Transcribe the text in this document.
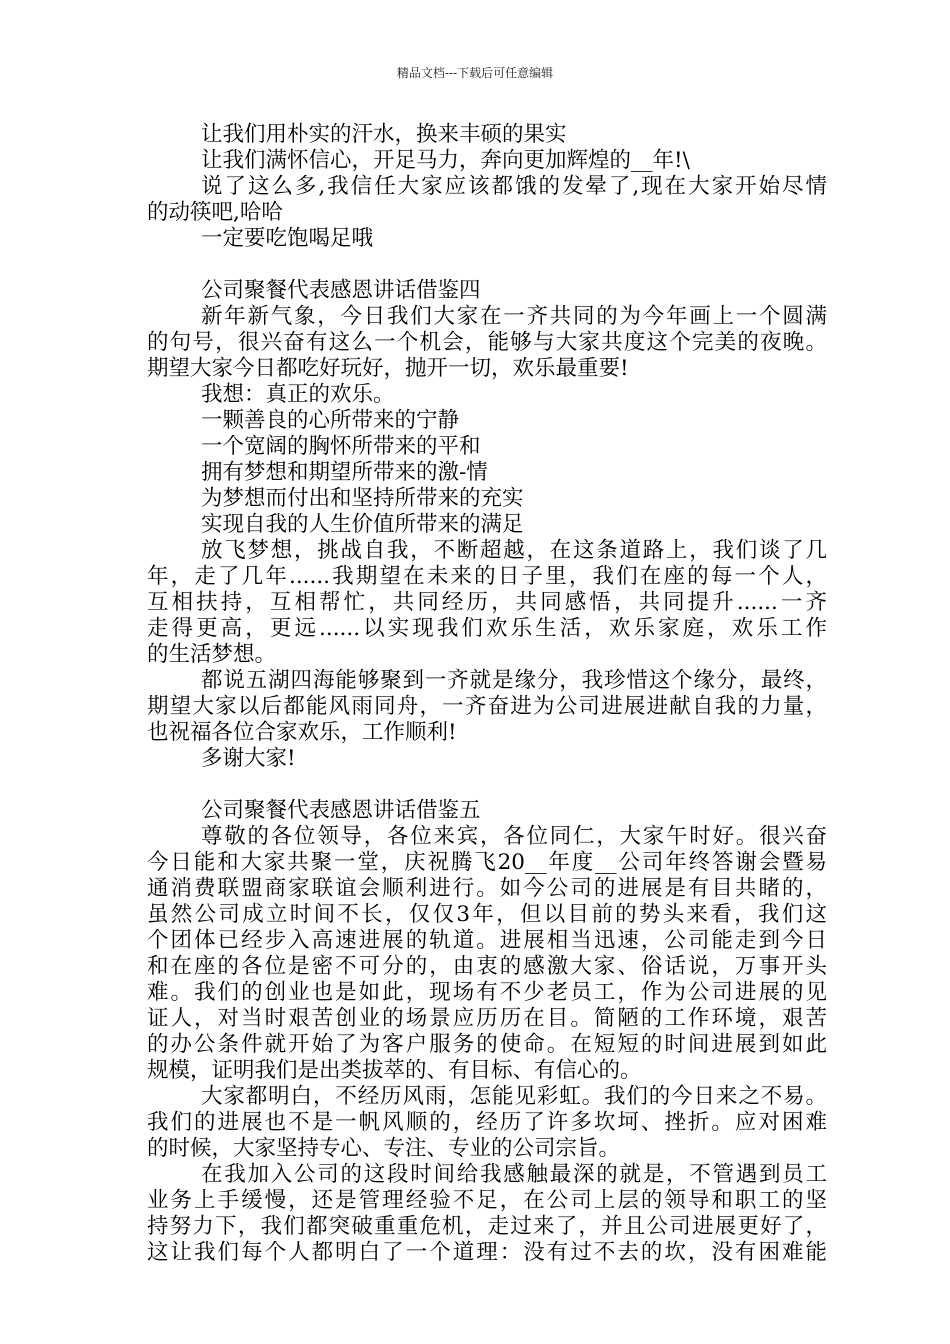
精品文档---下载后可任意编辑
让我们用朴实的汗水，换来丰硕的果实
让我们满怀信心，开足马力，奔向更加辉煌的__年!\
说了这么多,我信任大家应该都饿的发晕了,现在大家开始尽情
的动筷吧,哈哈
一定要吃饱喝足哦
公司聚餐代表感恩讲话借鉴四
新年新气象，今日我们大家在一齐共同的为今年画上一个圆满
的句号，很兴奋有这么一个机会，能够与大家共度这个完美的夜晚。
期望大家今日都吃好玩好，抛开一切，欢乐最重要!
我想：真正的欢乐。
一颗善良的心所带来的宁静
一个宽阔的胸怀所带来的平和
拥有梦想和期望所带来的激-情
为梦想而付出和坚持所带来的充实
实现自我的人生价值所带来的满足
放飞梦想，挑战自我，不断超越，在这条道路上，我们谈了几
年，走了几年......我期望在未来的日子里，我们在座的每一个人，
互相扶持，互相帮忙，共同经历，共同感悟，共同提升......一齐
走得更高，更远......以实现我们欢乐生活，欢乐家庭，欢乐工作
的生活梦想。
都说五湖四海能够聚到一齐就是缘分，我珍惜这个缘分，最终，
期望大家以后都能风雨同舟，一齐奋进为公司进展进献自我的力量，
也祝福各位合家欢乐，工作顺利!
多谢大家!
公司聚餐代表感恩讲话借鉴五
尊敬的各位领导，各位来宾，各位同仁，大家午时好。很兴奋
今日能和大家共聚一堂，庆祝腾飞20__年度__公司年终答谢会暨易
通消费联盟商家联谊会顺利进行。如今公司的进展是有目共睹的，
虽然公司成立时间不长，仅仅3年，但以目前的势头来看，我们这
个团体已经步入高速进展的轨道。进展相当迅速，公司能走到今日
和在座的各位是密不可分的，由衷的感激大家、俗话说，万事开头
难。我们的创业也是如此，现场有不少老员工，作为公司进展的见
证人，对当时艰苦创业的场景应历历在目。简陋的工作环境，艰苦
的办公条件就开始了为客户服务的使命。在短短的时间进展到如此
规模，证明我们是出类拔萃的、有目标、有信心的。
大家都明白，不经历风雨，怎能见彩虹。我们的今日来之不易。
我们的进展也不是一帆风顺的，经历了许多坎坷、挫折。应对困难
的时候，大家坚持专心、专注、专业的公司宗旨。
在我加入公司的这段时间给我感触最深的就是，不管遇到员工
业务上手缓慢，还是管理经验不足，在公司上层的领导和职工的坚
持努力下，我们都突破重重危机，走过来了，并且公司进展更好了，
这让我们每个人都明白了一个道理：没有过不去的坎，没有困难能
